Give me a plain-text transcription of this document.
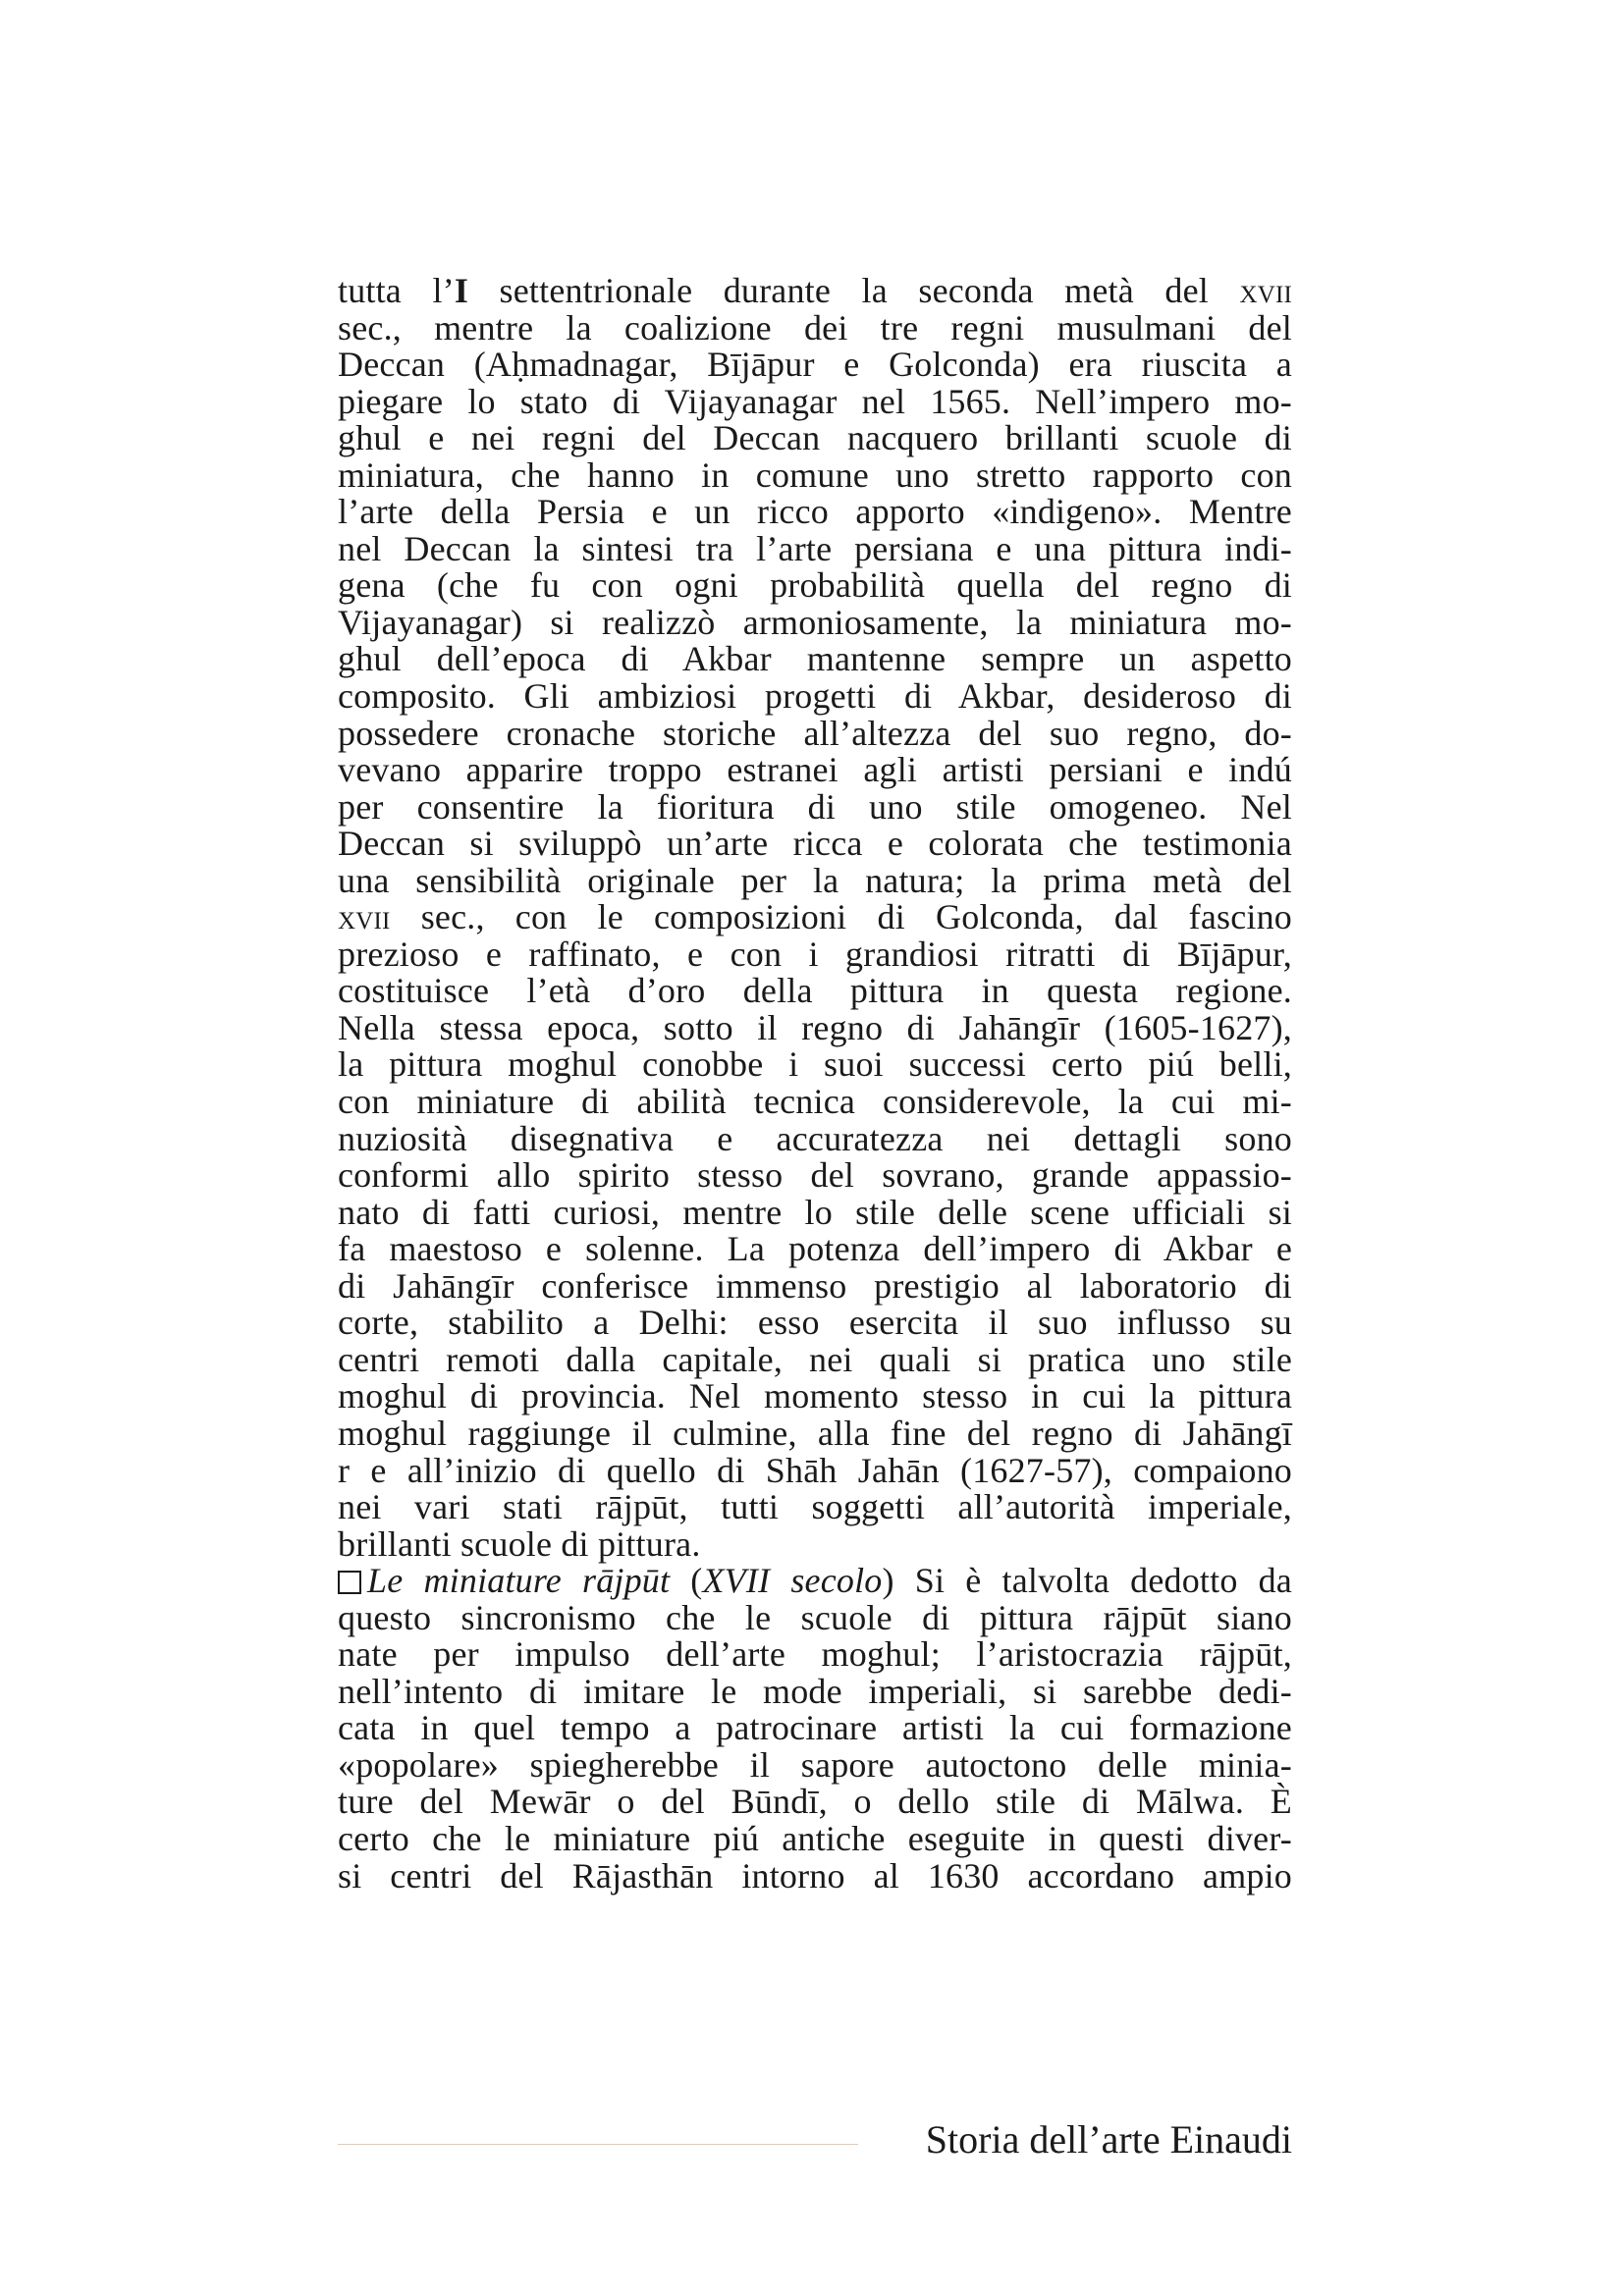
tutta l’I settentrionale durante la seconda metà del xvii
sec., mentre la coalizione dei tre regni musulmani del
Deccan (Aḥmadnagar, Bījāpur e Golconda) era riuscita a
piegare lo stato di Vijayanagar nel 1565. Nell’impero mo-
ghul e nei regni del Deccan nacquero brillanti scuole di
miniatura, che hanno in comune uno stretto rapporto con
l’arte della Persia e un ricco apporto «indigeno». Mentre
nel Deccan la sintesi tra l’arte persiana e una pittura indi-
gena (che fu con ogni probabilità quella del regno di
Vijayanagar) si realizzò armoniosamente, la miniatura mo-
ghul dell’epoca di Akbar mantenne sempre un aspetto
composito. Gli ambiziosi progetti di Akbar, desideroso di
possedere cronache storiche all’altezza del suo regno, do-
vevano apparire troppo estranei agli artisti persiani e indú
per consentire la fioritura di uno stile omogeneo. Nel
Deccan si sviluppò un’arte ricca e colorata che testimonia
una sensibilità originale per la natura; la prima metà del
xvii sec., con le composizioni di Golconda, dal fascino
prezioso e raffinato, e con i grandiosi ritratti di Bījāpur,
costituisce l’età d’oro della pittura in questa regione.
Nella stessa epoca, sotto il regno di Jahāngīr (1605-1627),
la pittura moghul conobbe i suoi successi certo piú belli,
con miniature di abilità tecnica considerevole, la cui mi-
nuziosità disegnativa e accuratezza nei dettagli sono
conformi allo spirito stesso del sovrano, grande appassio-
nato di fatti curiosi, mentre lo stile delle scene ufficiali si
fa maestoso e solenne. La potenza dell’impero di Akbar e
di Jahāngīr conferisce immenso prestigio al laboratorio di
corte, stabilito a Delhi: esso esercita il suo influsso su
centri remoti dalla capitale, nei quali si pratica uno stile
moghul di provincia. Nel momento stesso in cui la pittura
moghul raggiunge il culmine, alla fine del regno di Jahāngī
r e all’inizio di quello di Shāh Jahān (1627-57), compaiono
nei vari stati rājpūt, tutti soggetti all’autorità imperiale,
brillanti scuole di pittura.
Le miniature rājpūt (XVII secolo) Si è talvolta dedotto da
questo sincronismo che le scuole di pittura rājpūt siano
nate per impulso dell’arte moghul; l’aristocrazia rājpūt,
nell’intento di imitare le mode imperiali, si sarebbe dedi-
cata in quel tempo a patrocinare artisti la cui formazione
«popolare» spiegherebbe il sapore autoctono delle minia-
ture del Mewār o del Būndī, o dello stile di Mālwa. È
certo che le miniature piú antiche eseguite in questi diver-
si centri del Rājasthān intorno al 1630 accordano ampio
Storia dell’arte Einaudi
